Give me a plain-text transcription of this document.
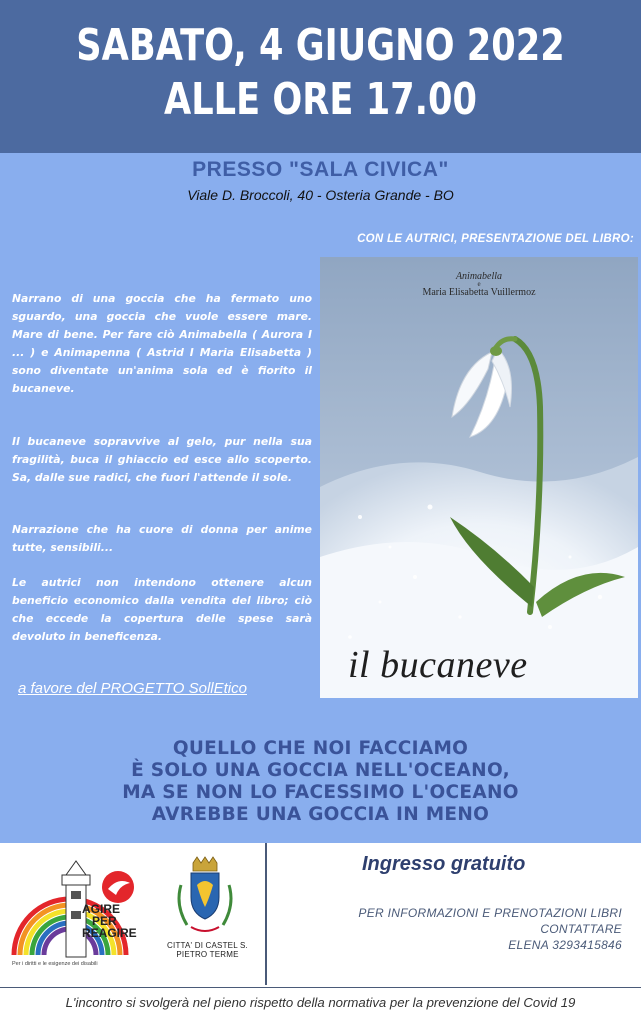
SABATO, 4 GIUGNO 2022
ALLE ORE 17.00
PRESSO "SALA CIVICA"
Viale D. Broccoli, 40 - Osteria Grande - BO
CON LE AUTRICI, PRESENTAZIONE DEL LIBRO:
Narrano di una goccia che ha fermato uno sguardo, una goccia che vuole essere mare. Mare di bene. Per fare ciò Animabella ( Aurora I ... ) e Animapenna ( Astrid I Maria Elisabetta ) sono diventate un'anima sola ed è fiorito il bucaneve.
Il bucaneve sopravvive al gelo, pur nella sua fragilità, buca il ghiaccio ed esce allo scoperto. Sa, dalle sue radici, che fuori l'attende il sole.
Narrazione che ha cuore di donna per anime tutte, sensibili...
Le autrici non intendono ottenere alcun beneficio economico dalla vendita del libro; ciò che eccede la copertura delle spese sarà devoluto in beneficenza.
a favore del PROGETTO SollEtico
Animabella
e
Maria Elisabetta Vuillermoz
il bucaneve
QUELLO CHE NOI FACCIAMO
È SOLO UNA GOCCIA NELL'OCEANO,
MA SE NON LO FACESSIMO L'OCEANO
AVREBBE UNA GOCCIA IN MENO
AGIRE
PER
REAGIRE
Per i diritti e le esigenze dei disabili
CITTA' DI CASTEL S. PIETRO TERME
Ingresso gratuito
PER INFORMAZIONI E PRENOTAZIONI LIBRI
CONTATTARE
ELENA 3293415846
L'incontro si svolgerà nel pieno rispetto della normativa per la prevenzione del Covid 19
